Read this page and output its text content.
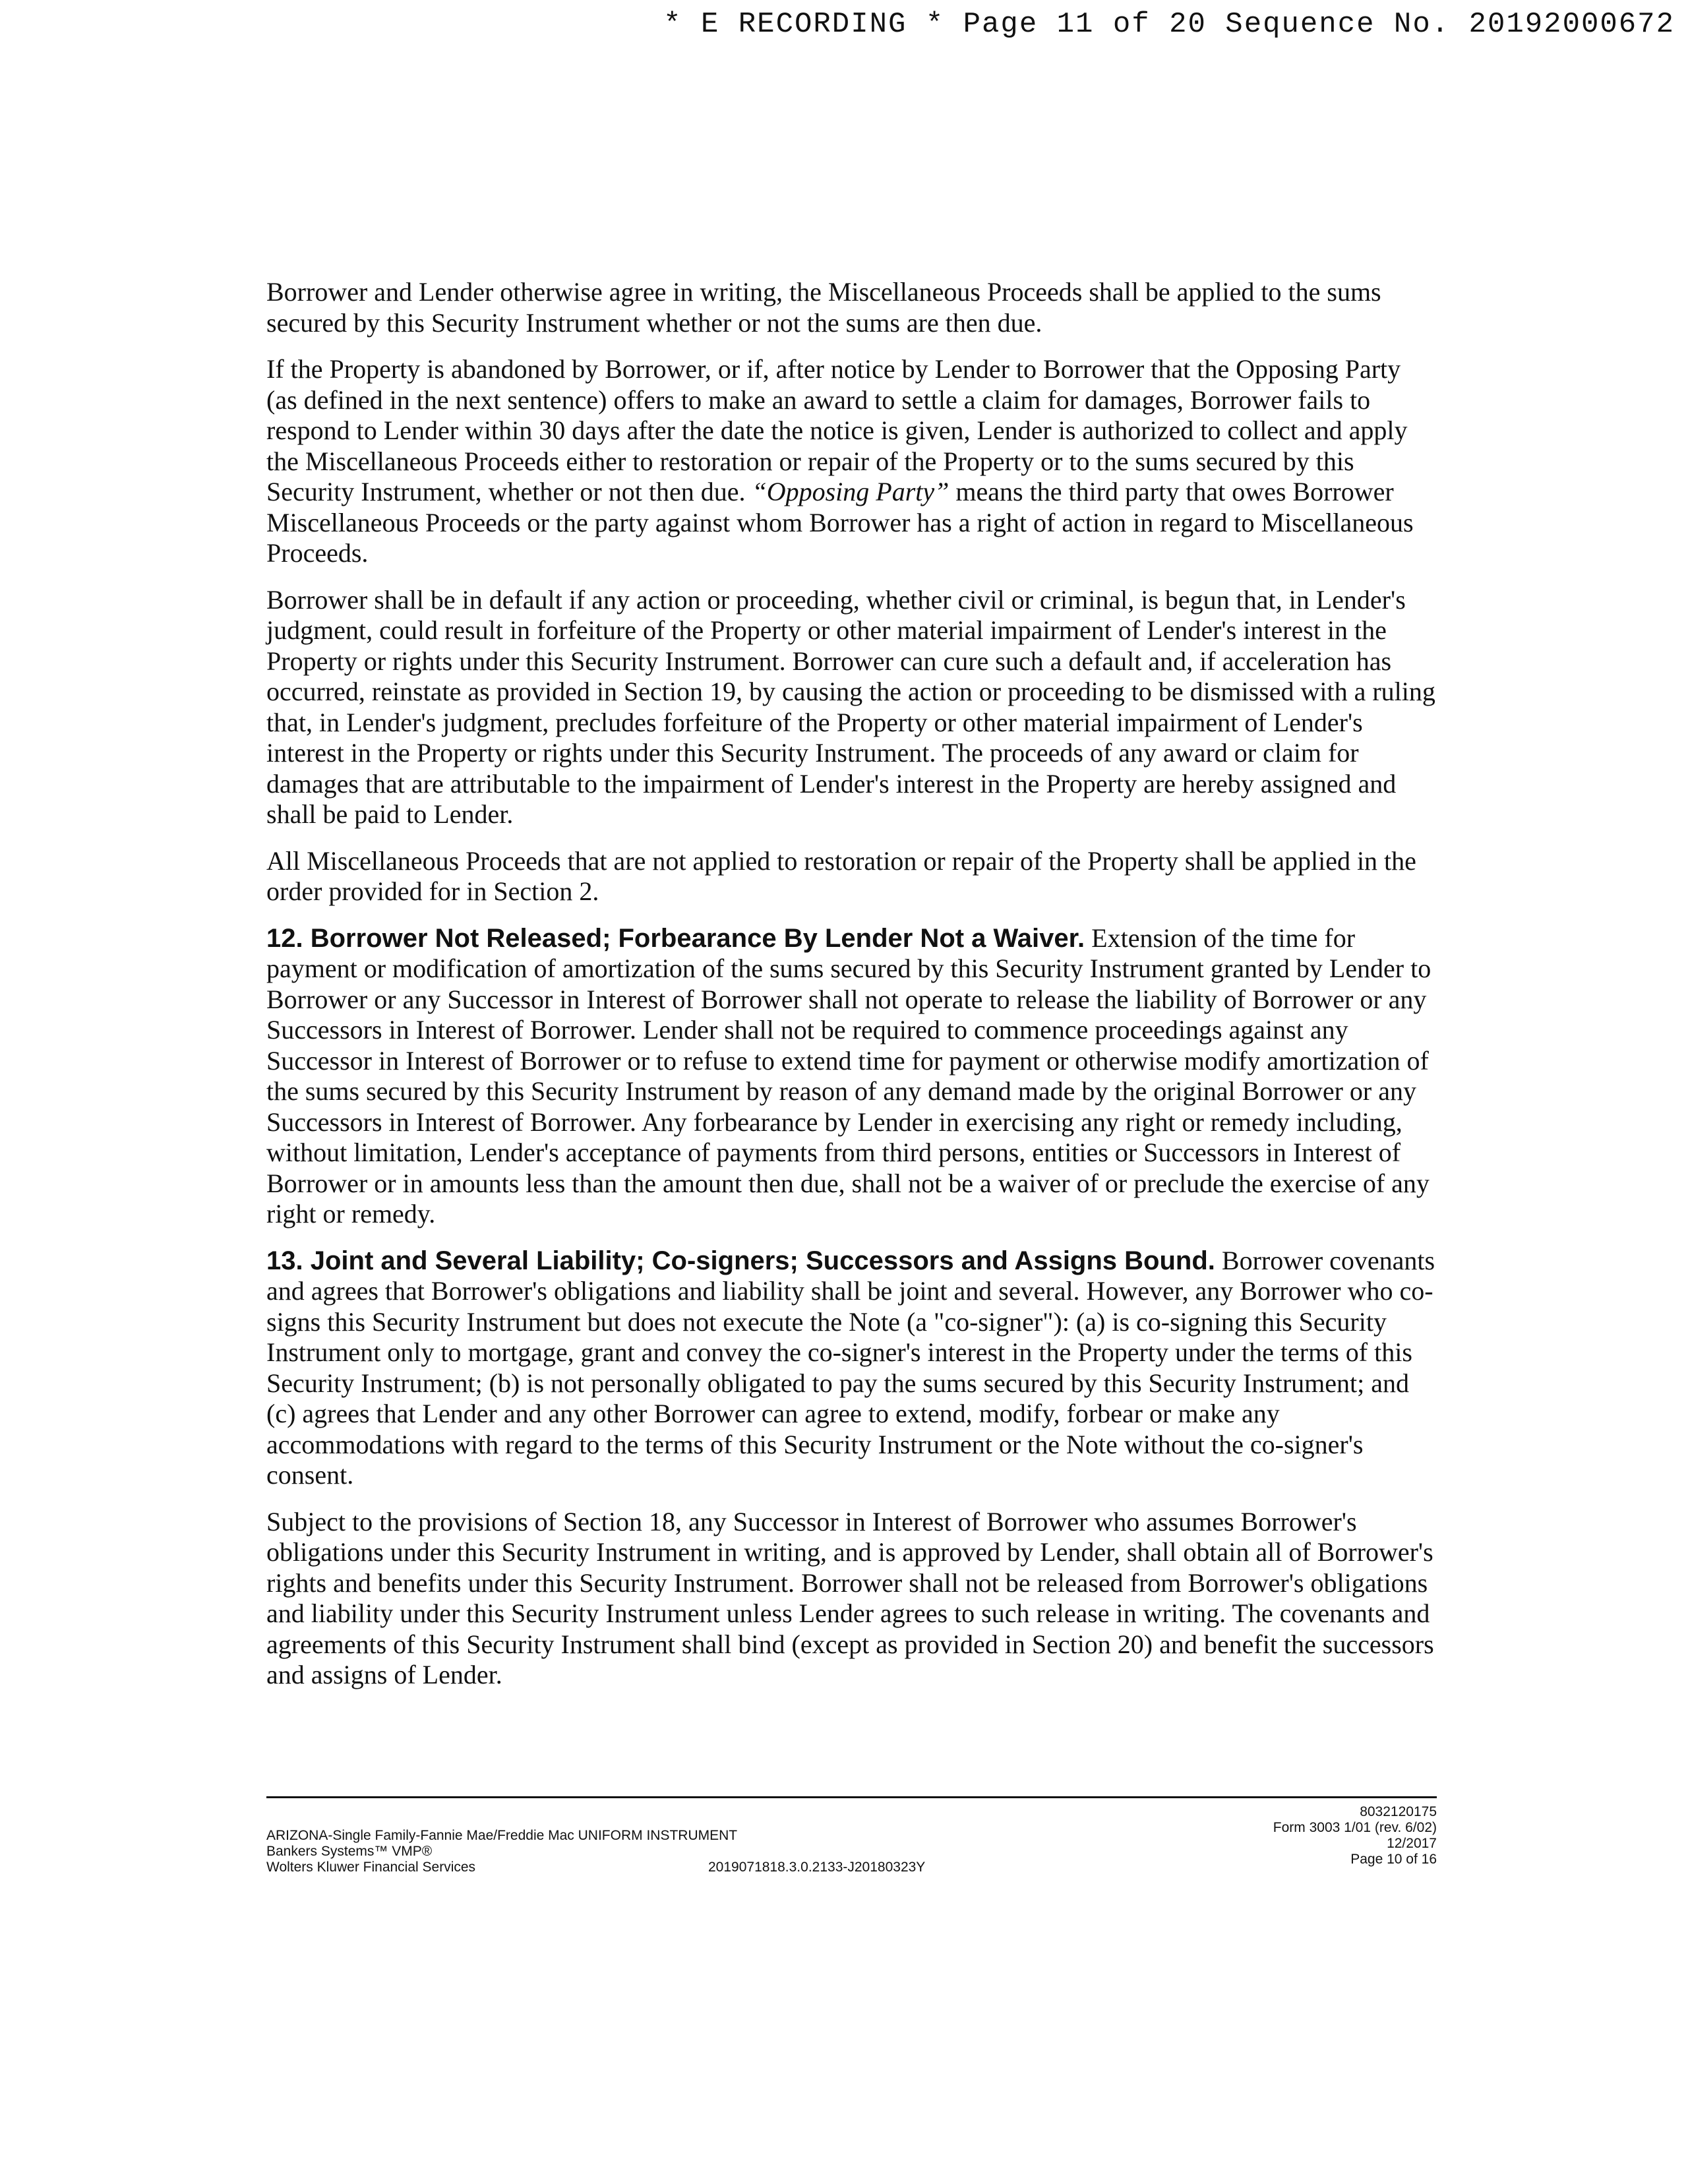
* E RECORDING * Page 11 of 20 Sequence No. 20192000672

Borrower and Lender otherwise agree in writing, the Miscellaneous Proceeds shall be applied to the sums secured by this Security Instrument whether or not the sums are then due.

If the Property is abandoned by Borrower, or if, after notice by Lender to Borrower that the Opposing Party (as defined in the next sentence) offers to make an award to settle a claim for damages, Borrower fails to respond to Lender within 30 days after the date the notice is given, Lender is authorized to collect and apply the Miscellaneous Proceeds either to restoration or repair of the Property or to the sums secured by this Security Instrument, whether or not then due. “Opposing Party” means the third party that owes Borrower Miscellaneous Proceeds or the party against whom Borrower has a right of action in regard to Miscellaneous Proceeds.

Borrower shall be in default if any action or proceeding, whether civil or criminal, is begun that, in Lender's judgment, could result in forfeiture of the Property or other material impairment of Lender's interest in the Property or rights under this Security Instrument. Borrower can cure such a default and, if acceleration has occurred, reinstate as provided in Section 19, by causing the action or proceeding to be dismissed with a ruling that, in Lender's judgment, precludes forfeiture of the Property or other material impairment of Lender's interest in the Property or rights under this Security Instrument. The proceeds of any award or claim for damages that are attributable to the impairment of Lender's interest in the Property are hereby assigned and shall be paid to Lender.

All Miscellaneous Proceeds that are not applied to restoration or repair of the Property shall be applied in the order provided for in Section 2.

12. Borrower Not Released; Forbearance By Lender Not a Waiver. Extension of the time for payment or modification of amortization of the sums secured by this Security Instrument granted by Lender to Borrower or any Successor in Interest of Borrower shall not operate to release the liability of Borrower or any Successors in Interest of Borrower. Lender shall not be required to commence proceedings against any Successor in Interest of Borrower or to refuse to extend time for payment or otherwise modify amortization of the sums secured by this Security Instrument by reason of any demand made by the original Borrower or any Successors in Interest of Borrower. Any forbearance by Lender in exercising any right or remedy including, without limitation, Lender's acceptance of payments from third persons, entities or Successors in Interest of Borrower or in amounts less than the amount then due, shall not be a waiver of or preclude the exercise of any right or remedy.

13. Joint and Several Liability; Co-signers; Successors and Assigns Bound. Borrower covenants and agrees that Borrower's obligations and liability shall be joint and several. However, any Borrower who co-signs this Security Instrument but does not execute the Note (a "co-signer"): (a) is co-signing this Security Instrument only to mortgage, grant and convey the co-signer's interest in the Property under the terms of this Security Instrument; (b) is not personally obligated to pay the sums secured by this Security Instrument; and (c) agrees that Lender and any other Borrower can agree to extend, modify, forbear or make any accommodations with regard to the terms of this Security Instrument or the Note without the co-signer's consent.

Subject to the provisions of Section 18, any Successor in Interest of Borrower who assumes Borrower's obligations under this Security Instrument in writing, and is approved by Lender, shall obtain all of Borrower's rights and benefits under this Security Instrument. Borrower shall not be released from Borrower's obligations and liability under this Security Instrument unless Lender agrees to such release in writing. The covenants and agreements of this Security Instrument shall bind (except as provided in Section 20) and benefit the successors and assigns of Lender.

ARIZONA-Single Family-Fannie Mae/Freddie Mac UNIFORM INSTRUMENT
Bankers Systems™ VMP®
Wolters Kluwer Financial Services	2019071818.3.0.2133-J20180323Y
8032120175
Form 3003 1/01 (rev. 6/02)
12/2017
Page 10 of 16
